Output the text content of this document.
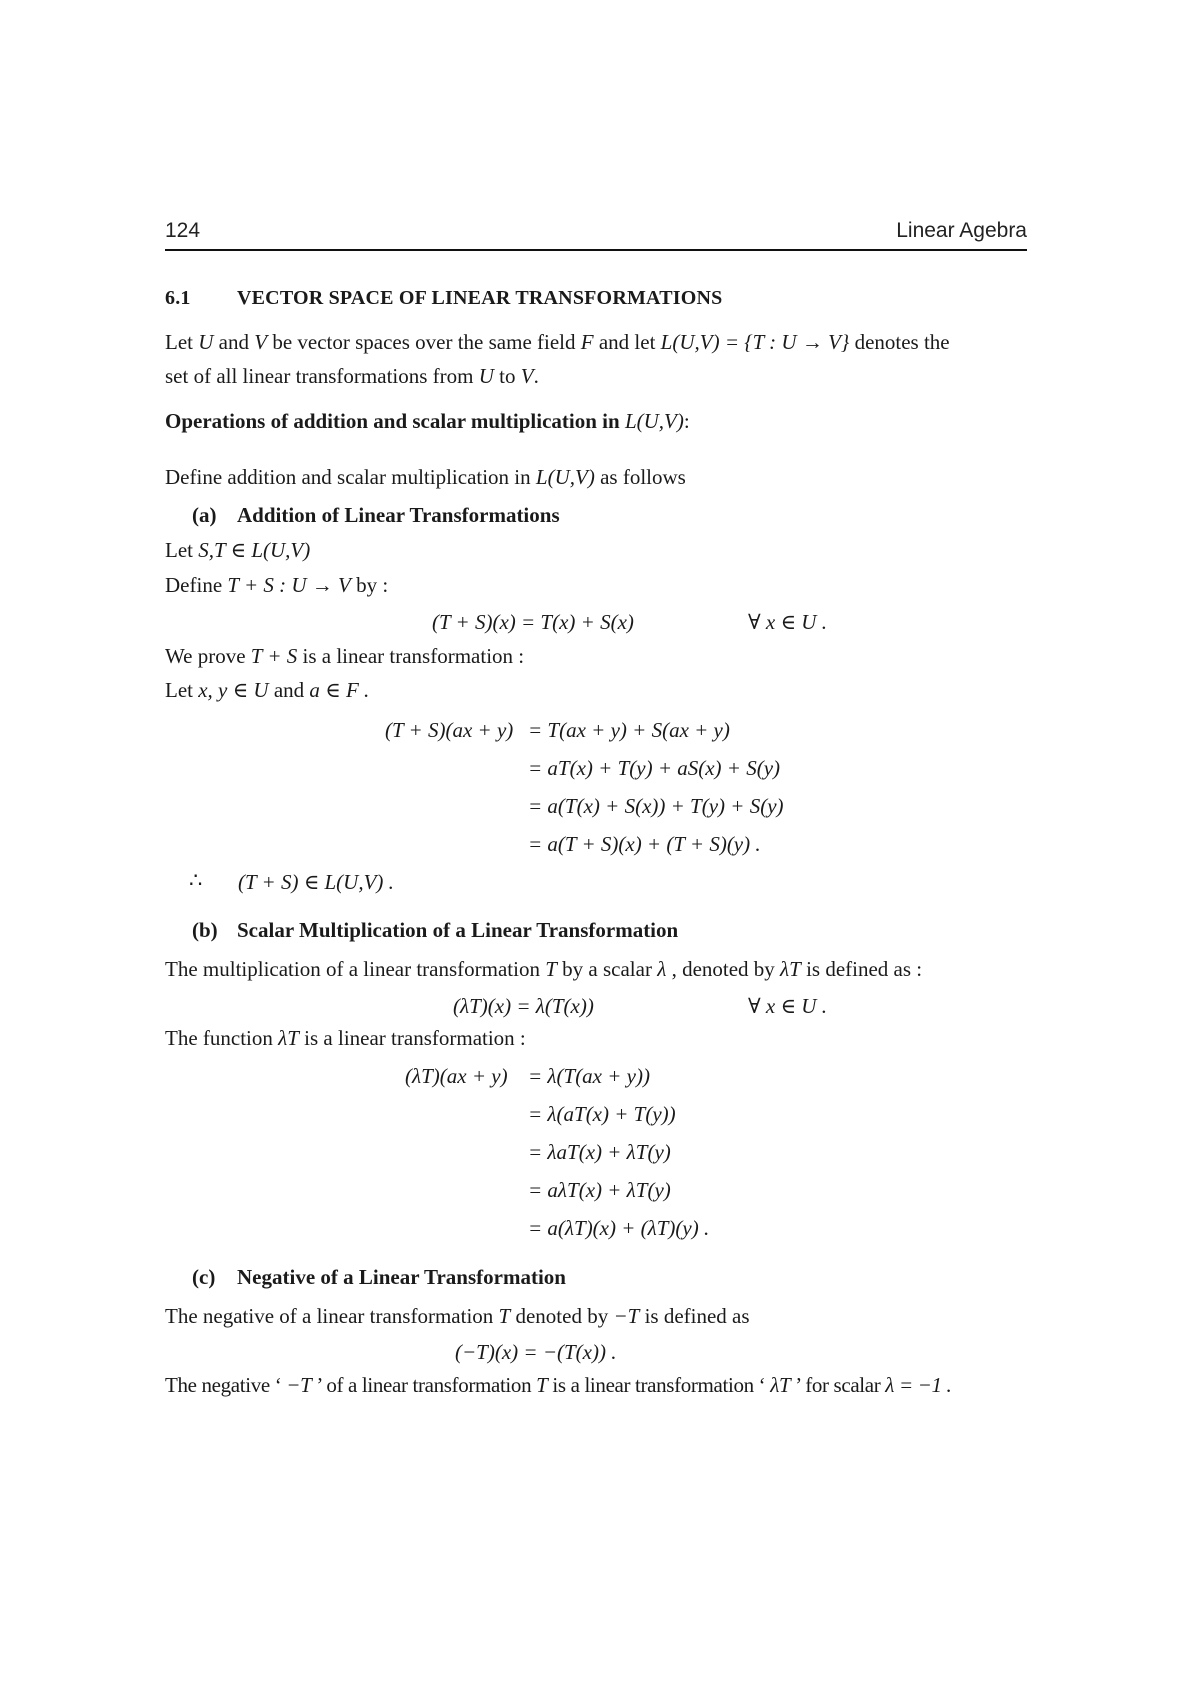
124	Linear Agebra
6.1 VECTOR SPACE OF LINEAR TRANSFORMATIONS
Let U and V be vector spaces over the same field F and let L(U,V) = {T : U → V} denotes the
set of all linear transformations from U to V.
Operations of addition and scalar multiplication in L(U,V):
Define addition and scalar multiplication in L(U,V) as follows
(a) Addition of Linear Transformations
Let S,T ∈ L(U,V)
Define T + S : U → V by :
(T + S)(x) = T(x) + S(x)	∀ x ∈ U .
We prove T + S is a linear transformation :
Let x, y ∈ U and a ∈ F .
(T + S)(ax + y) = T(ax + y) + S(ax + y)
= aT(x) + T(y) + aS(x) + S(y)
= a(T(x) + S(x)) + T(y) + S(y)
= a(T + S)(x) + (T + S)(y) .
∴ (T + S) ∈ L(U,V) .
(b) Scalar Multiplication of a Linear Transformation
The multiplication of a linear transformation T by a scalar λ , denoted by λT is defined as :
(λT)(x) = λ(T(x))	∀ x ∈ U .
The function λT is a linear transformation :
(λT)(ax + y) = λ(T(ax + y))
= λ(aT(x) + T(y))
= λaT(x) + λT(y)
= aλT(x) + λT(y)
= a(λT)(x) + (λT)(y) .
(c) Negative of a Linear Transformation
The negative of a linear transformation T denoted by −T is defined as
(−T)(x) = −(T(x)) .
The negative ‘ −T ’ of a linear transformation T is a linear transformation ‘ λT ’ for scalar λ = −1 .
